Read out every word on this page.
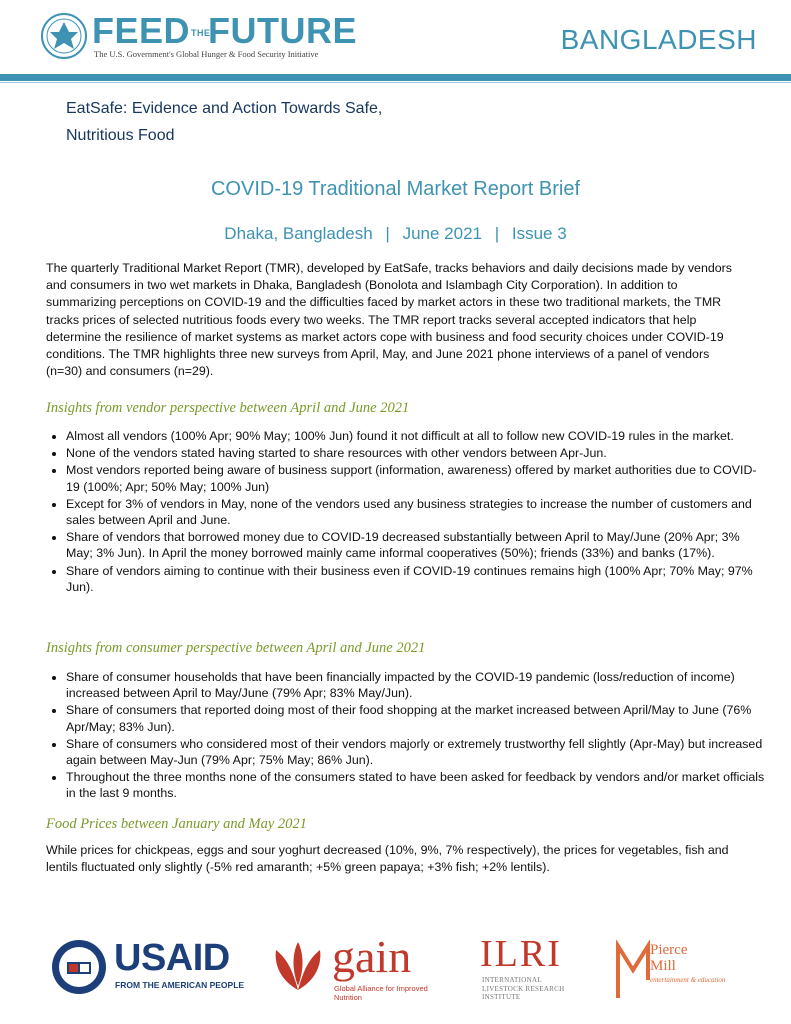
FEEDTHEFUTURE
The U.S. Government's Global Hunger & Food Security Initiative	BANGLADESH
EatSafe: Evidence and Action Towards Safe,
Nutritious Food
COVID-19 Traditional Market Report Brief
Dhaka, Bangladesh | June 2021 | Issue 3
The quarterly Traditional Market Report (TMR), developed by EatSafe, tracks behaviors and daily decisions made by vendors and consumers in two wet markets in Dhaka, Bangladesh (Bonolota and Islambagh City Corporation). In addition to summarizing perceptions on COVID-19 and the difficulties faced by market actors in these two traditional markets, the TMR tracks prices of selected nutritious foods every two weeks. The TMR report tracks several accepted indicators that help determine the resilience of market systems as market actors cope with business and food security choices under COVID-19 conditions. The TMR highlights three new surveys from April, May, and June 2021 phone interviews of a panel of vendors (n=30) and consumers (n=29).
Insights from vendor perspective between April and June 2021
• Almost all vendors (100% Apr; 90% May; 100% Jun) found it not difficult at all to follow new COVID-19 rules in the market.
• None of the vendors stated having started to share resources with other vendors between Apr-Jun.
• Most vendors reported being aware of business support (information, awareness) offered by market authorities due to COVID-19 (100%; Apr; 50% May; 100% Jun)
• Except for 3% of vendors in May, none of the vendors used any business strategies to increase the number of customers and sales between April and June.
• Share of vendors that borrowed money due to COVID-19 decreased substantially between April to May/June (20% Apr; 3% May; 3% Jun). In April the money borrowed mainly came informal cooperatives (50%); friends (33%) and banks (17%).
• Share of vendors aiming to continue with their business even if COVID-19 continues remains high (100% Apr; 70% May; 97% Jun).
Insights from consumer perspective between April and June 2021
• Share of consumer households that have been financially impacted by the COVID-19 pandemic (loss/reduction of income) increased between April to May/June (79% Apr; 83% May/Jun).
• Share of consumers that reported doing most of their food shopping at the market increased between April/May to June (76% Apr/May; 83% Jun).
• Share of consumers who considered most of their vendors majorly or extremely trustworthy fell slightly (Apr-May) but increased again between May-Jun (79% Apr; 75% May; 86% Jun).
• Throughout the three months none of the consumers stated to have been asked for feedback by vendors and/or market officials in the last 9 months.
Food Prices between January and May 2021
While prices for chickpeas, eggs and sour yoghurt decreased (10%, 9%, 7% respectively), the prices for vegetables, fish and lentils fluctuated only slightly (-5% red amaranth; +5% green papaya; +3% fish; +2% lentils).
USAID
FROM THE AMERICAN PEOPLE
gain
Global Alliance for Improved Nutrition
ILRI
INTERNATIONAL LIVESTOCK RESEARCH INSTITUTE
Pierce
Mill
entertainment & education
